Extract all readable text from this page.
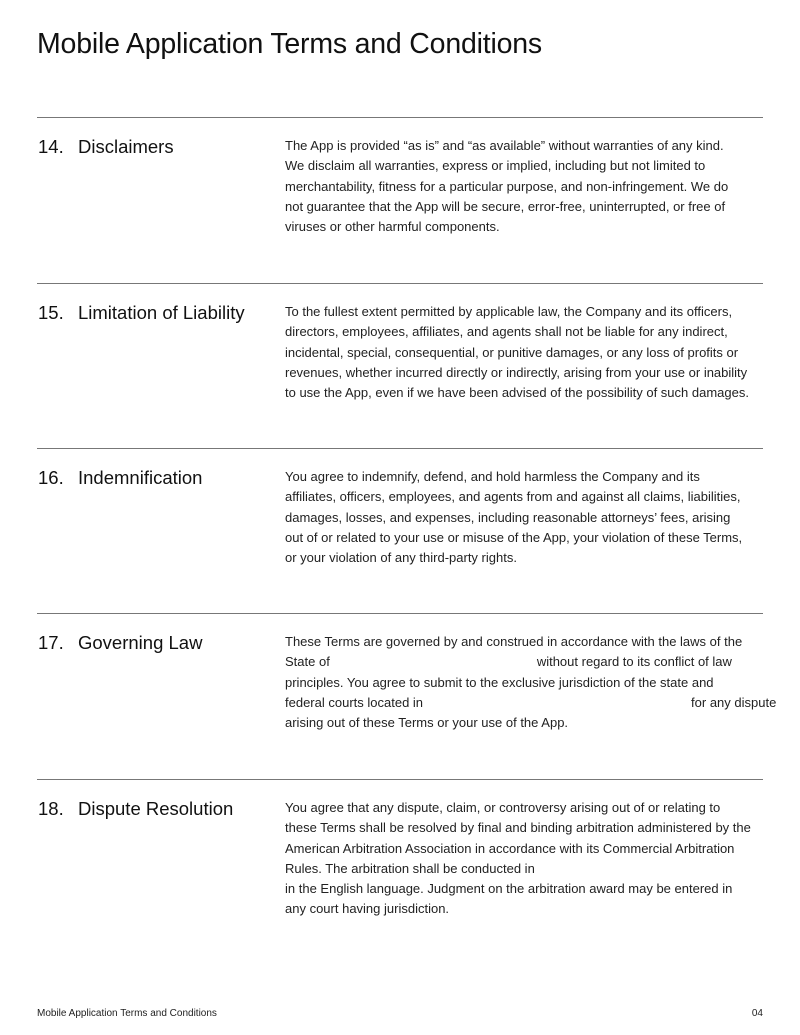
Mobile Application Terms and Conditions
14. Disclaimers	The App is provided “as is” and “as available” without warranties of any kind.
We disclaim all warranties, express or implied, including but not limited to
merchantability, fitness for a particular purpose, and non-infringement. We do
not guarantee that the App will be secure, error-free, uninterrupted, or free of
viruses or other harmful components.
15. Limitation of Liability	To the fullest extent permitted by applicable law, the Company and its officers,
directors, employees, affiliates, and agents shall not be liable for any indirect,
incidental, special, consequential, or punitive damages, or any loss of profits or
revenues, whether incurred directly or indirectly, arising from your use or inability
to use the App, even if we have been advised of the possibility of such damages.
16. Indemnification	You agree to indemnify, defend, and hold harmless the Company and its
affiliates, officers, employees, and agents from and against all claims, liabilities,
damages, losses, and expenses, including reasonable attorneys’ fees, arising
out of or related to your use or misuse of the App, your violation of these Terms,
or your violation of any third-party rights.
17. Governing Law	These Terms are governed by and construed in accordance with the laws of the
State of	without regard to its conflict of law
principles. You agree to submit to the exclusive jurisdiction of the state and
federal courts located in	for any dispute
arising out of these Terms or your use of the App.
18. Dispute Resolution	You agree that any dispute, claim, or controversy arising out of or relating to
these Terms shall be resolved by final and binding arbitration administered by the
American Arbitration Association in accordance with its Commercial Arbitration
Rules. The arbitration shall be conducted in
in the English language. Judgment on the arbitration award may be entered in
any court having jurisdiction.
Mobile Application Terms and Conditions	04
